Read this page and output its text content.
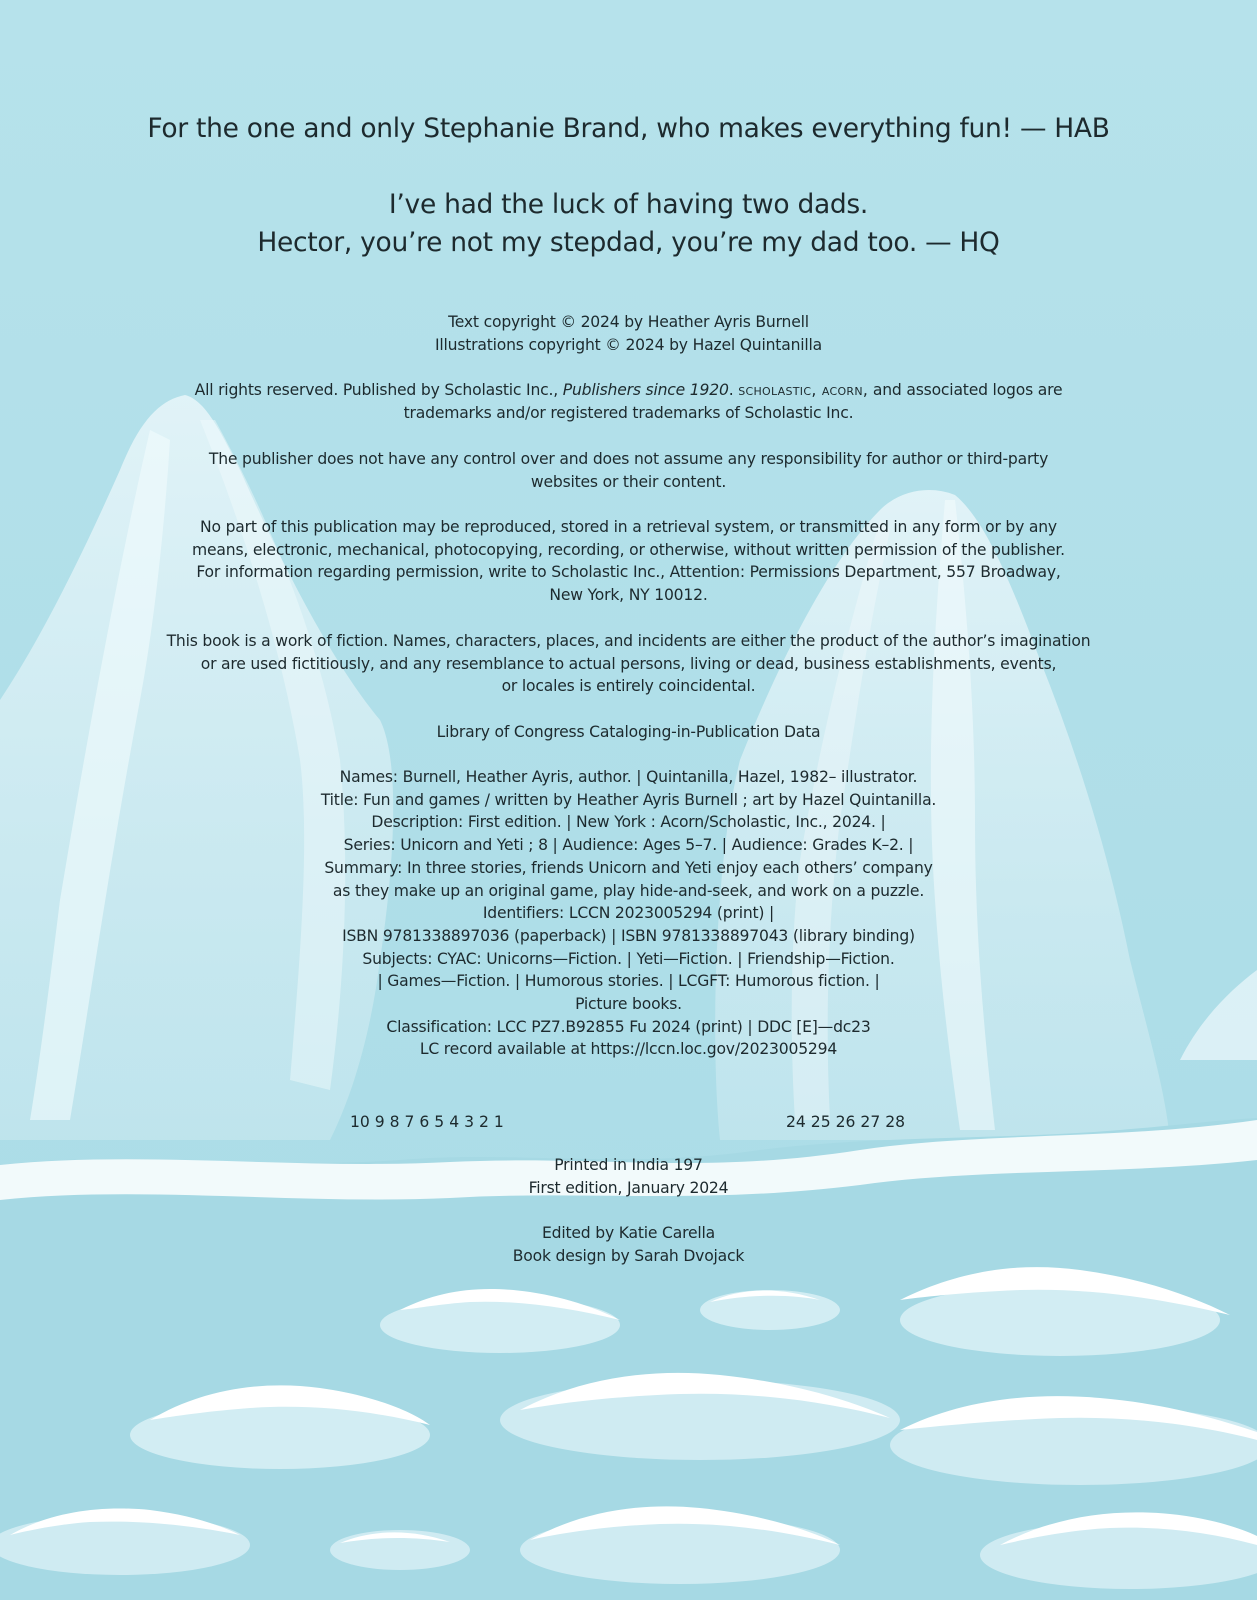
For the one and only Stephanie Brand, who makes everything fun! — HAB

I’ve had the luck of having two dads.
Hector, you’re not my stepdad, you’re my dad too. — HQ

Text copyright © 2024 by Heather Ayris Burnell
Illustrations copyright © 2024 by Hazel Quintanilla

All rights reserved. Published by Scholastic Inc., Publishers since 1920. scholastic, acorn, and associated logos are
trademarks and/or registered trademarks of Scholastic Inc.

The publisher does not have any control over and does not assume any responsibility for author or third-party
websites or their content.

No part of this publication may be reproduced, stored in a retrieval system, or transmitted in any form or by any
means, electronic, mechanical, photocopying, recording, or otherwise, without written permission of the publisher.
For information regarding permission, write to Scholastic Inc., Attention: Permissions Department, 557 Broadway,
New York, NY 10012.

This book is a work of fiction. Names, characters, places, and incidents are either the product of the author’s imagination
or are used fictitiously, and any resemblance to actual persons, living or dead, business establishments, events,
or locales is entirely coincidental.

Library of Congress Cataloging-in-Publication Data

Names: Burnell, Heather Ayris, author. | Quintanilla, Hazel, 1982– illustrator.
Title: Fun and games / written by Heather Ayris Burnell ; art by Hazel Quintanilla.
Description: First edition. | New York : Acorn/Scholastic, Inc., 2024. |
Series: Unicorn and Yeti ; 8 | Audience: Ages 5–7. | Audience: Grades K–2. |
Summary: In three stories, friends Unicorn and Yeti enjoy each others’ company
as they make up an original game, play hide-and-seek, and work on a puzzle.
Identifiers: LCCN 2023005294 (print) |
ISBN 9781338897036 (paperback) | ISBN 9781338897043 (library binding)
Subjects: CYAC: Unicorns—Fiction. | Yeti—Fiction. | Friendship—Fiction.
| Games—Fiction. | Humorous stories. | LCGFT: Humorous fiction. |
Picture books.
Classification: LCC PZ7.B92855 Fu 2024 (print) | DDC [E]—dc23
LC record available at https://lccn.loc.gov/2023005294

10 9 8 7 6 5 4 3 2 1	24 25 26 27 28

Printed in India 197
First edition, January 2024

Edited by Katie Carella
Book design by Sarah Dvojack
